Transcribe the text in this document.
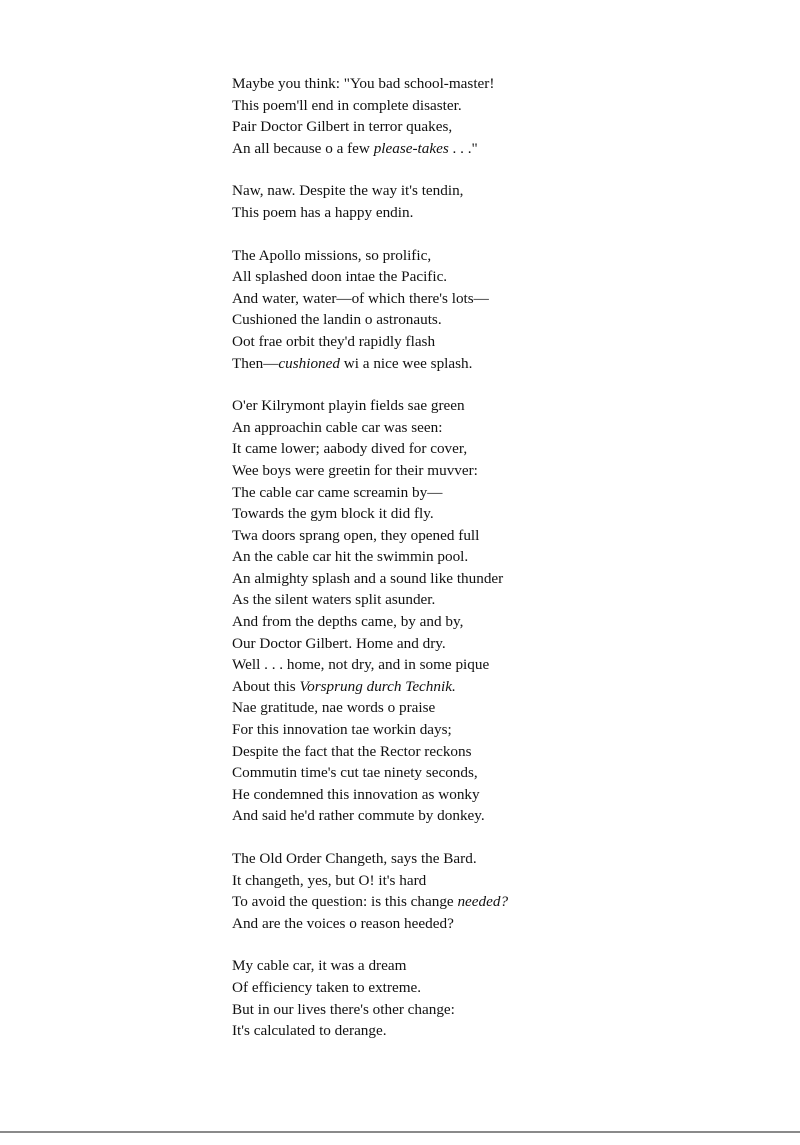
Maybe you think: "You bad school-master!
This poem'll end in complete disaster.
Pair Doctor Gilbert in terror quakes,
An all because o a few please-takes . . ."
Naw, naw. Despite the way it's tendin,
This poem has a happy endin.
The Apollo missions, so prolific,
All splashed doon intae the Pacific.
And water, water—of which there's lots—
Cushioned the landin o astronauts.
Oot frae orbit they'd rapidly flash
Then—cushioned wi a nice wee splash.
O'er Kilrymont playin fields sae green
An approachin cable car was seen:
It came lower; aabody dived for cover,
Wee boys were greetin for their muvver:
The cable car came screamin by—
Towards the gym block it did fly.
Twa doors sprang open, they opened full
An the cable car hit the swimmin pool.
An almighty splash and a sound like thunder
As the silent waters split asunder.
And from the depths came, by and by,
Our Doctor Gilbert. Home and dry.
Well . . . home, not dry, and in some pique
About this Vorsprung durch Technik.
Nae gratitude, nae words o praise
For this innovation tae workin days;
Despite the fact that the Rector reckons
Commutin time's cut tae ninety seconds,
He condemned this innovation as wonky
And said he'd rather commute by donkey.
The Old Order Changeth, says the Bard.
It changeth, yes, but O! it's hard
To avoid the question: is this change needed?
And are the voices o reason heeded?
My cable car, it was a dream
Of efficiency taken to extreme.
But in our lives there's other change:
It's calculated to derange.
